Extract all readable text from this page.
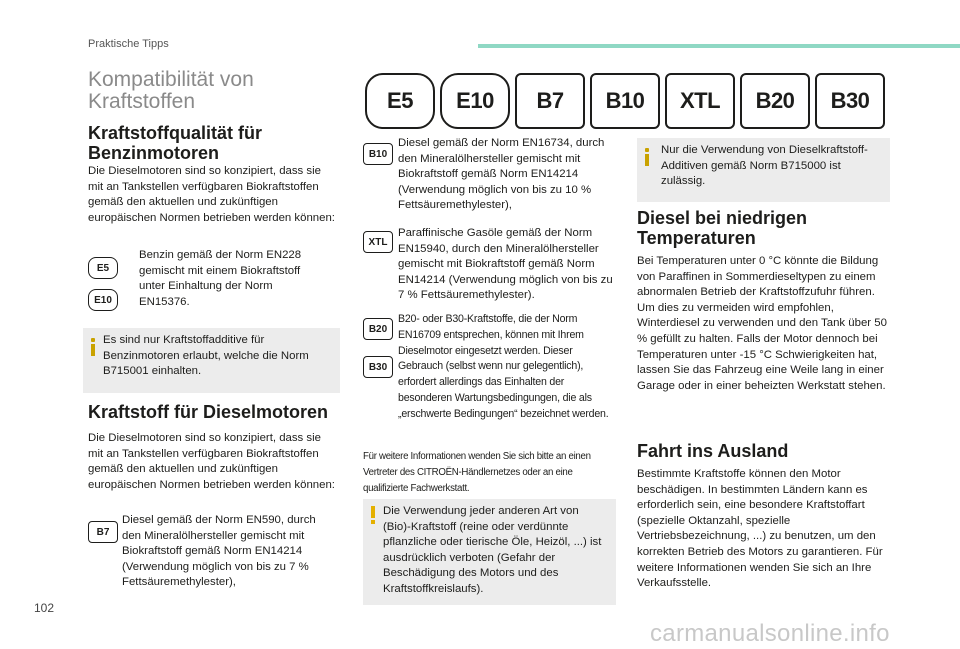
Praktische Tipps
Kompatibilität von Kraftstoffen	E5	E10	B7	B10	XTL	B20	B30
Kraftstoffqualität für Benzinmotoren

Die Dieselmotoren sind so konzipiert, dass sie mit an Tankstellen verfügbaren Biokraftstoffen gemäß den aktuellen und zukünftigen europäischen Normen betrieben werden können:

E5
E10

Benzin gemäß der Norm EN228 gemischt mit einem Biokraftstoff unter Einhaltung der Norm EN15376.

Es sind nur Kraftstoffadditive für Benzinmotoren erlaubt, welche die Norm B715001 einhalten.

Kraftstoff für Dieselmotoren

Die Dieselmotoren sind so konzipiert, dass sie mit an Tankstellen verfügbaren Biokraftstoffen gemäß den aktuellen und zukünftigen europäischen Normen betrieben werden können:

B7

Diesel gemäß der Norm EN590, durch den Mineralölhersteller gemischt mit Biokraftstoff gemäß Norm EN14214 (Verwendung möglich von bis zu 7 % Fettsäuremethylester),

B10

Diesel gemäß der Norm EN16734, durch den Mineralölhersteller gemischt mit Biokraftstoff gemäß Norm EN14214 (Verwendung möglich von bis zu 10 % Fettsäuremethylester),

XTL

Paraffinische Gasöle gemäß der Norm EN15940, durch den Mineralölhersteller gemischt mit Biokraftstoff gemäß Norm EN14214 (Verwendung möglich von bis zu 7 % Fettsäuremethylester).

B20
B30
B20- oder B30-Kraftstoffe, die der Norm EN16709 entsprechen, können mit Ihrem Dieselmotor eingesetzt werden. Dieser Gebrauch (selbst wenn nur gelegentlich), erfordert allerdings das Einhalten der besonderen Wartungsbedingungen, die als „erschwerte Bedingungen“ bezeichnet werden.
Für weitere Informationen wenden Sie sich bitte an einen Vertreter des CITROËN-Händlernetzes oder an eine qualifizierte Fachwerkstatt.

Die Verwendung jeder anderen Art von (Bio)-Kraftstoff (reine oder verdünnte pflanzliche oder tierische Öle, Heizöl, ...) ist ausdrücklich verboten (Gefahr der Beschädigung des Motors und des Kraftstoffkreislaufs).

Nur die Verwendung von Dieselkraftstoff-Additiven gemäß Norm B715000 ist zulässig.

Diesel bei niedrigen Temperaturen

Bei Temperaturen unter 0 °C könnte die Bildung von Paraffinen in Sommerdieseltypen zu einem abnormalen Betrieb der Kraftstoffzufuhr führen. Um dies zu vermeiden wird empfohlen, Winterdiesel zu verwenden und den Tank über 50 % gefüllt zu halten. Falls der Motor dennoch bei Temperaturen unter -15 °C Schwierigkeiten hat, lassen Sie das Fahrzeug eine Weile lang in einer Garage oder in einer beheizten Werkstatt stehen.

Fahrt ins Ausland

Bestimmte Kraftstoffe können den Motor beschädigen. In bestimmten Ländern kann es erforderlich sein, eine besondere Kraftstoffart (spezielle Oktanzahl, spezielle Vertriebsbezeichnung, ...) zu benutzen, um den korrekten Betrieb des Motors zu garantieren. Für weitere Informationen wenden Sie sich an Ihre Verkaufsstelle.

102
carmanualsonline.info
